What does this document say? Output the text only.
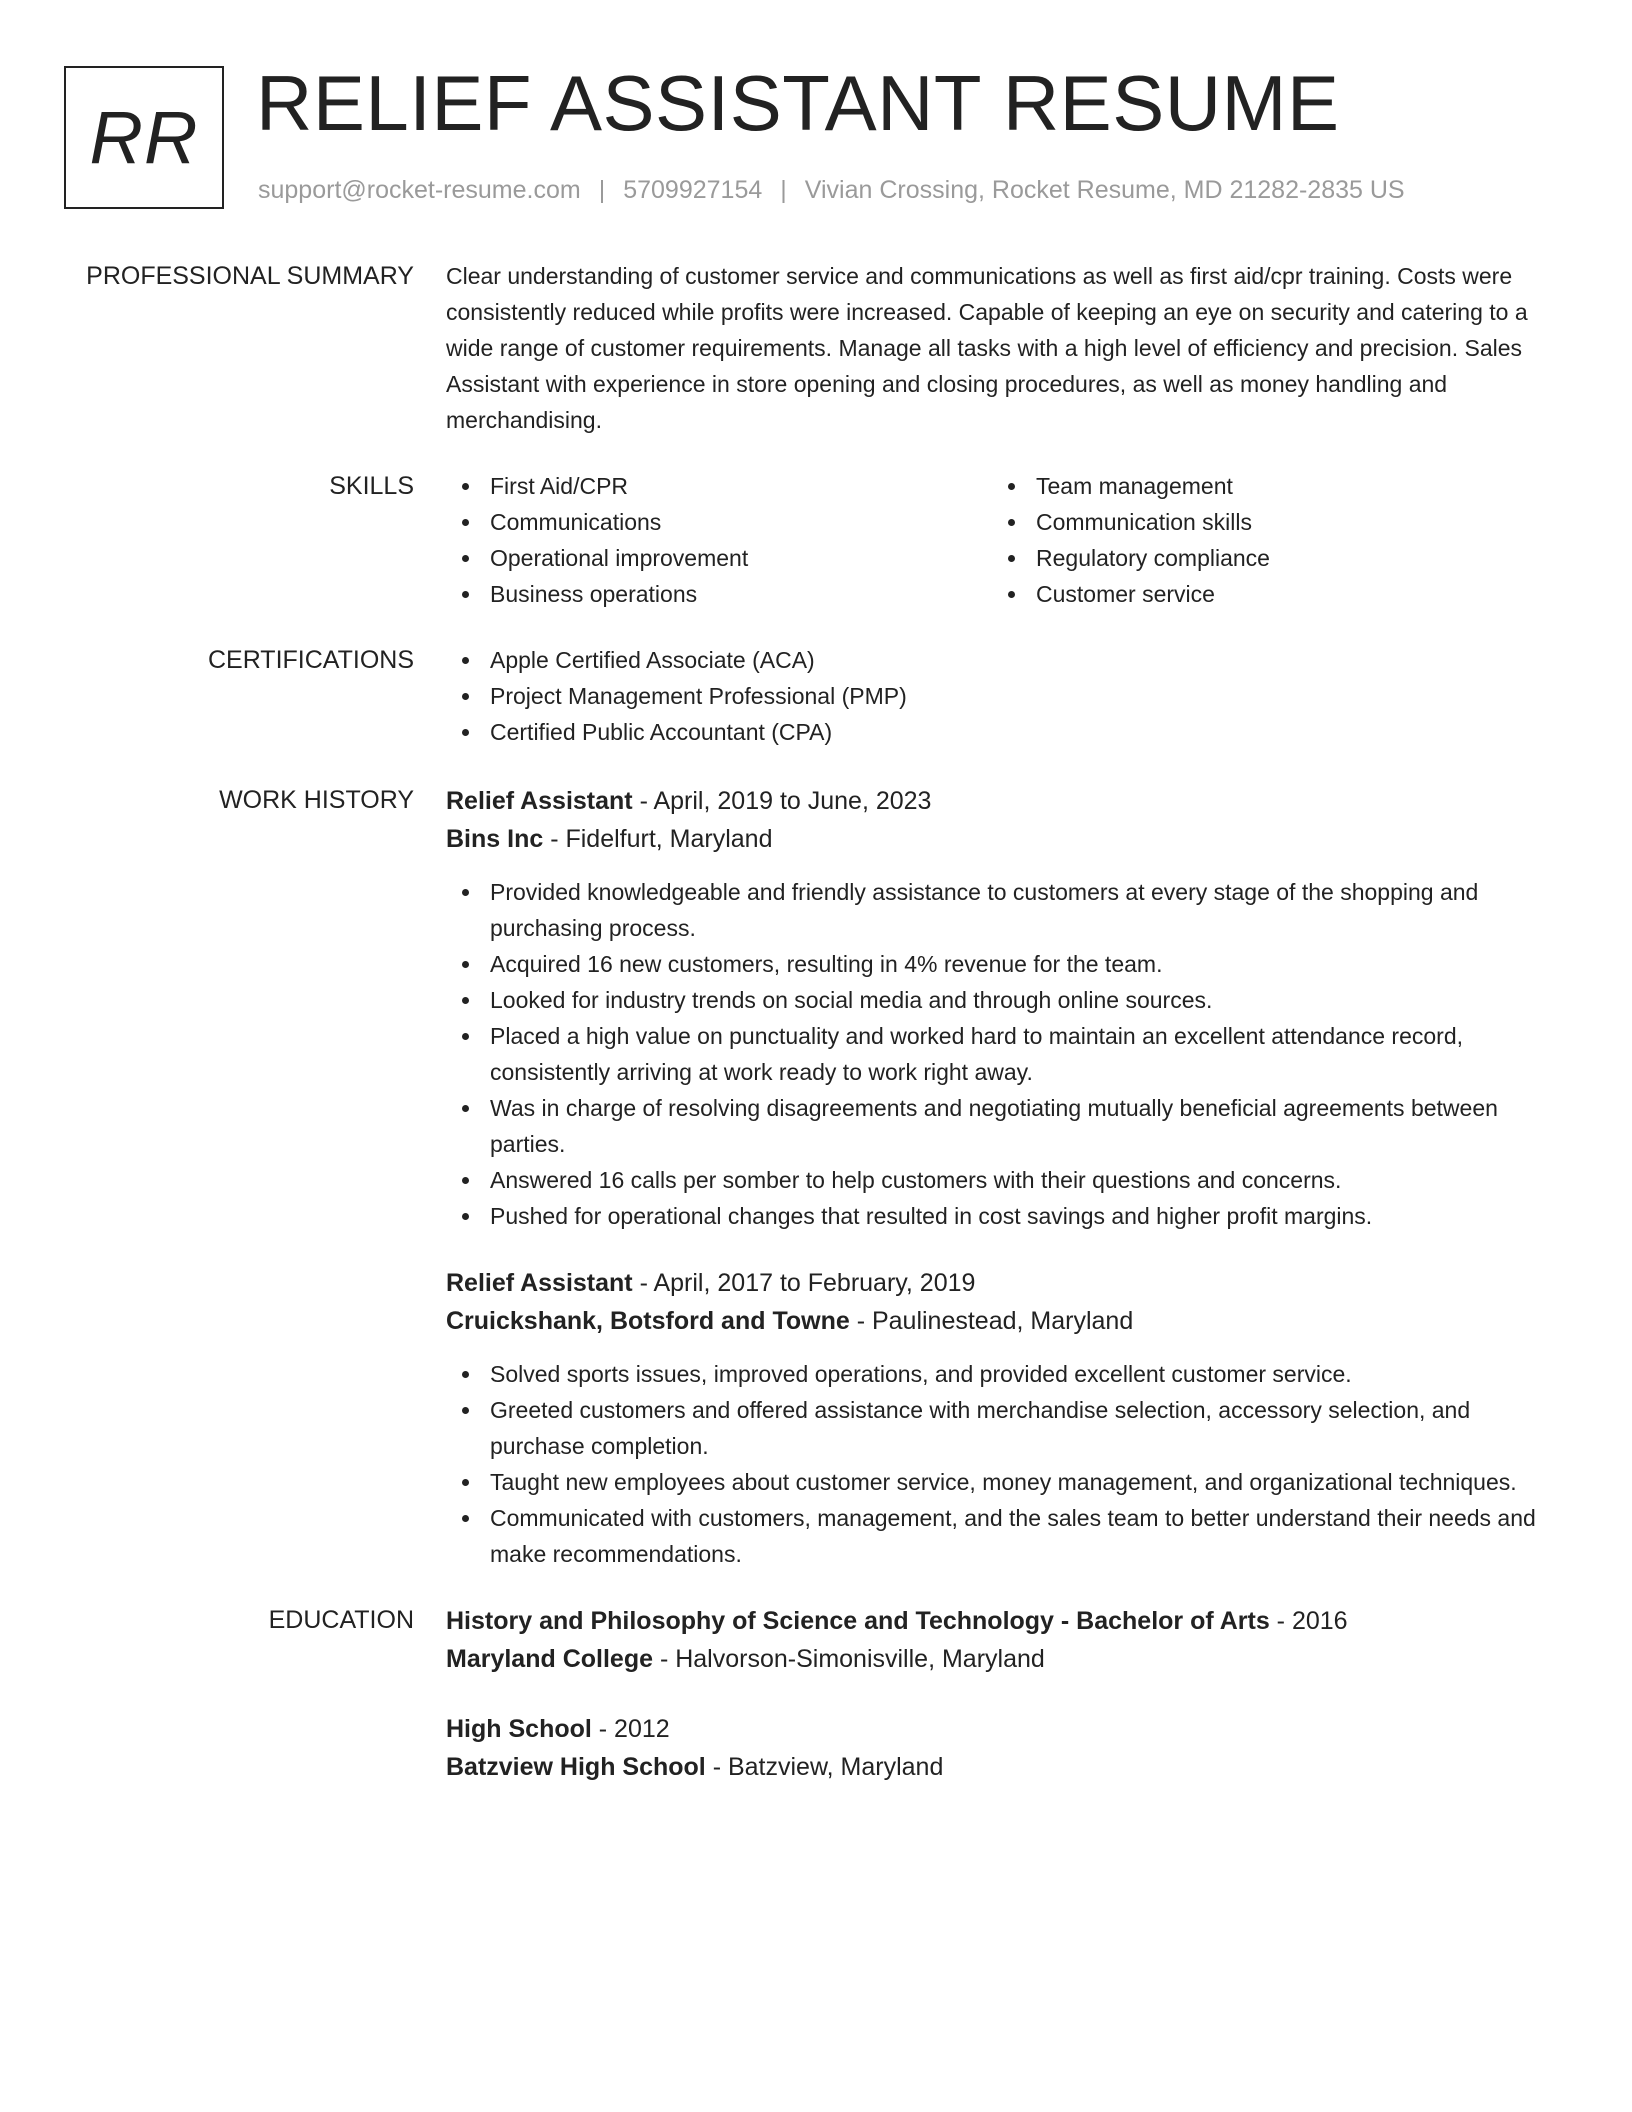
RR RELIEF ASSISTANT RESUME
support@rocket-resume.com | 5709927154 | Vivian Crossing, Rocket Resume, MD 21282-2835 US
PROFESSIONAL SUMMARY Clear understanding of customer service and communications as well as first aid/cpr training. Costs were consistently reduced while profits were increased. Capable of keeping an eye on security and catering to a wide range of customer requirements. Manage all tasks with a high level of efficiency and precision. Sales Assistant with experience in store opening and closing procedures, as well as money handling and merchandising.
SKILLS	First Aid/CPR
Communications
Operational improvement
Business operations
Team management
Communication skills
Regulatory compliance
Customer service
CERTIFICATIONS	Apple Certified Associate (ACA)
Project Management Professional (PMP)
Certified Public Accountant (CPA)
WORK HISTORY Relief Assistant - April, 2019 to June, 2023
Bins Inc - Fidelfurt, Maryland
Provided knowledgeable and friendly assistance to customers at every stage of the shopping and purchasing process.
Acquired 16 new customers, resulting in 4% revenue for the team.
Looked for industry trends on social media and through online sources.
Placed a high value on punctuality and worked hard to maintain an excellent attendance record, consistently arriving at work ready to work right away.
Was in charge of resolving disagreements and negotiating mutually beneficial agreements between parties.
Answered 16 calls per somber to help customers with their questions and concerns.
Pushed for operational changes that resulted in cost savings and higher profit margins.
Relief Assistant - April, 2017 to February, 2019
Cruickshank, Botsford and Towne - Paulinestead, Maryland
Solved sports issues, improved operations, and provided excellent customer service.
Greeted customers and offered assistance with merchandise selection, accessory selection, and purchase completion.
Taught new employees about customer service, money management, and organizational techniques.
Communicated with customers, management, and the sales team to better understand their needs and make recommendations.
EDUCATION History and Philosophy of Science and Technology - Bachelor of Arts - 2016
Maryland College - Halvorson-Simonisville, Maryland
High School - 2012
Batzview High School - Batzview, Maryland
